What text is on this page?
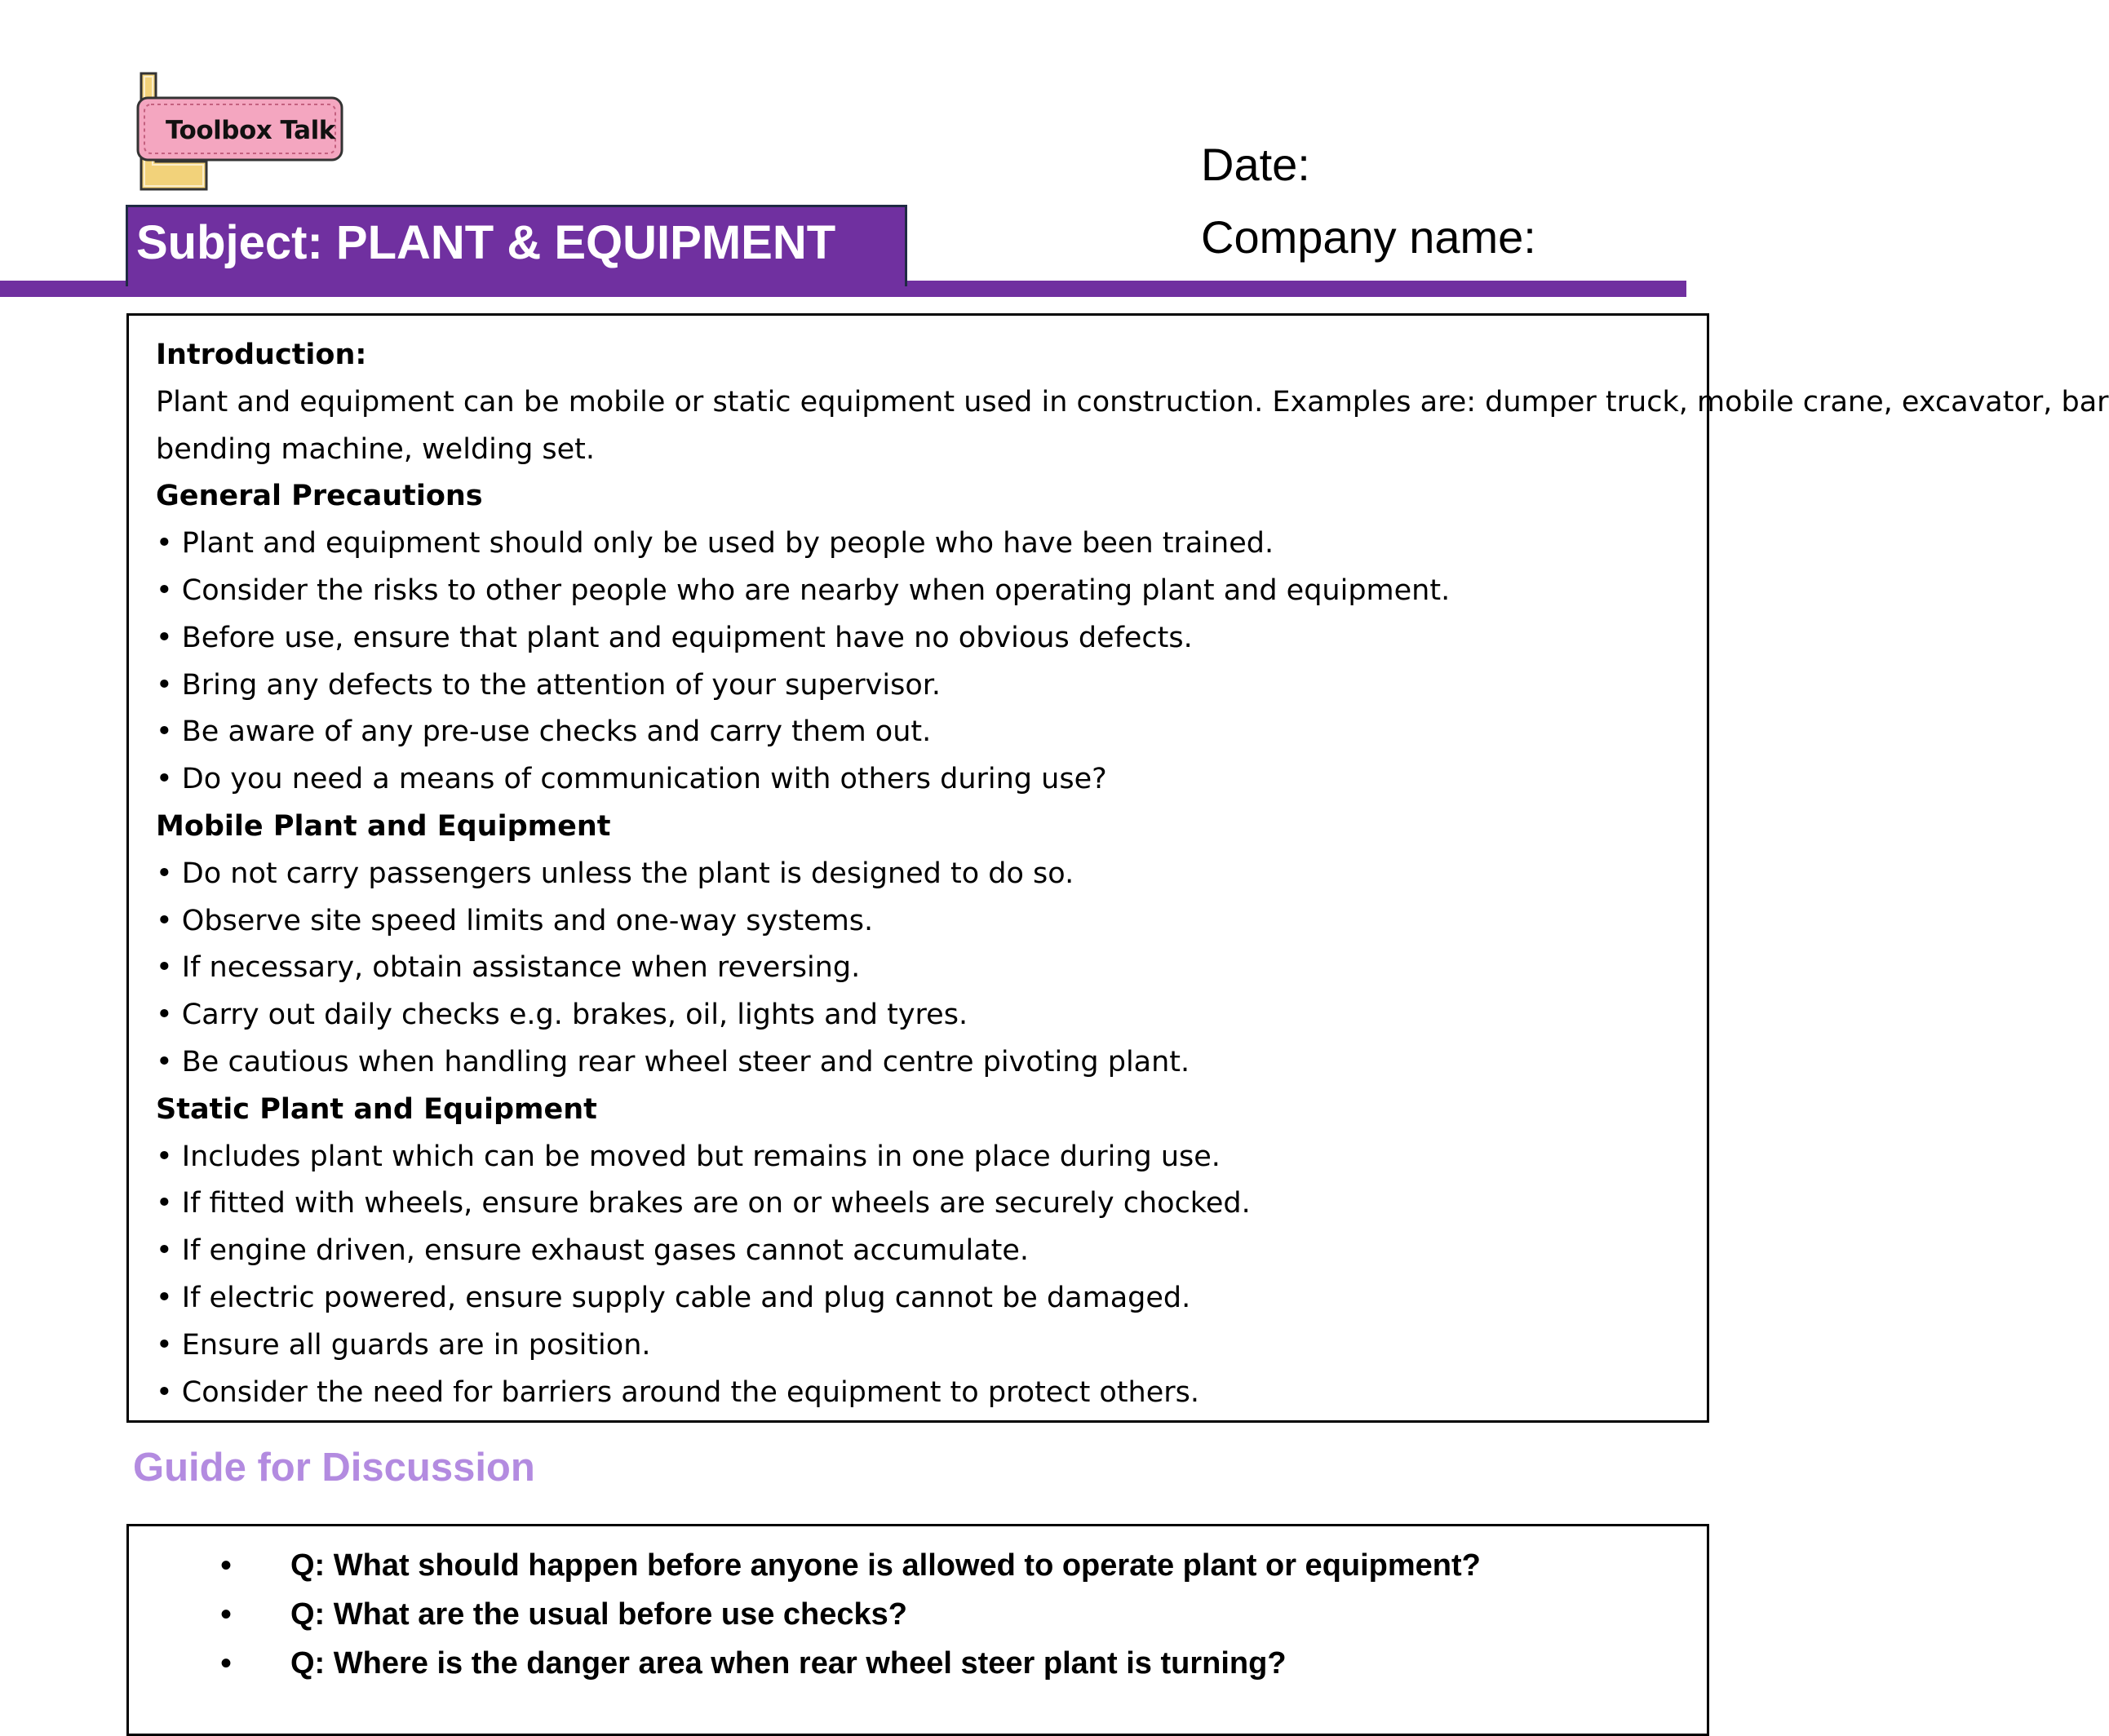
Toolbox Talk
Date:
Company name:
Subject: PLANT & EQUIPMENT

Introduction:

Plant and equipment can be mobile or static equipment used in construction. Examples are: dumper truck, mobile crane, excavator, bar

bending machine, welding set.

General Precautions

• Plant and equipment should only be used by people who have been trained.

• Consider the risks to other people who are nearby when operating plant and equipment.

• Before use, ensure that plant and equipment have no obvious defects.

• Bring any defects to the attention of your supervisor.

• Be aware of any pre-use checks and carry them out.

• Do you need a means of communication with others during use?

Mobile Plant and Equipment

• Do not carry passengers unless the plant is designed to do so.

• Observe site speed limits and one-way systems.

• If necessary, obtain assistance when reversing.

• Carry out daily checks e.g. brakes, oil, lights and tyres.

• Be cautious when handling rear wheel steer and centre pivoting plant.

Static Plant and Equipment

• Includes plant which can be moved but remains in one place during use.

• If fitted with wheels, ensure brakes are on or wheels are securely chocked.

• If engine driven, ensure exhaust gases cannot accumulate.

• If electric powered, ensure supply cable and plug cannot be damaged.

• Ensure all guards are in position.

• Consider the need for barriers around the equipment to protect others.

Guide for Discussion
• Q: What should happen before anyone is allowed to operate plant or equipment?
• Q: What are the usual before use checks?
• Q: Where is the danger area when rear wheel steer plant is turning?
